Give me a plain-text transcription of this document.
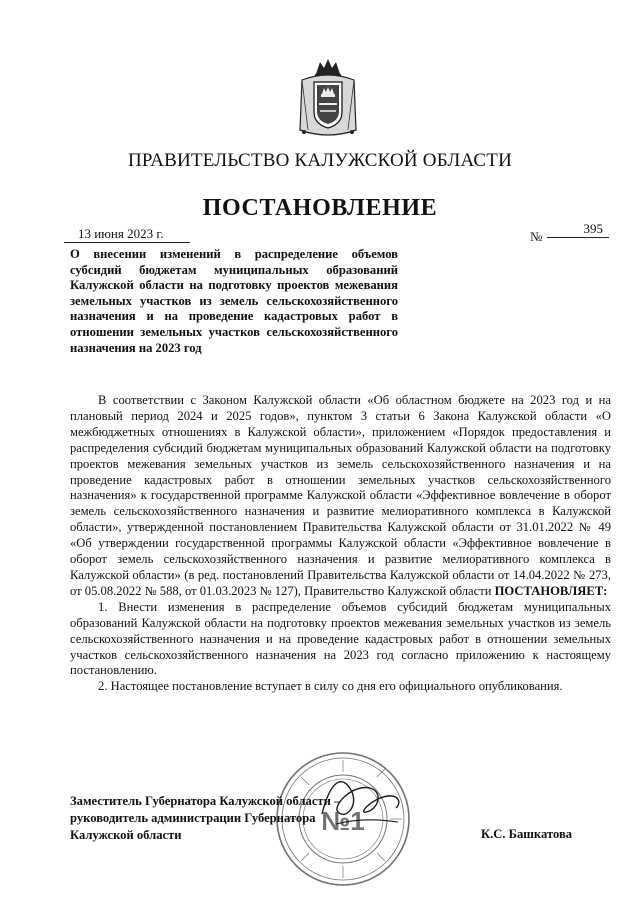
ПРАВИТЕЛЬСТВО КАЛУЖСКОЙ ОБЛАСТИ
ПОСТАНОВЛЕНИЕ
13 июня 2023 г.	№
395
О внесении изменений в распределение объемов субсидий бюджетам муниципальных образований Калужской области на подготовку проектов межевания земельных участков из земель сельскохозяйственного назначения и на проведение кадастровых работ в отношении земельных участков сельскохозяйственного назначения на 2023 год

В соответствии с Законом Калужской области «Об областном бюджете на 2023 год и на плановый период 2024 и 2025 годов», пунктом 3 статьи 6 Закона Калужской области «О межбюджетных отношениях в Калужской области», приложением «Порядок предоставления и распределения субсидий бюджетам муниципальных образований Калужской области на подготовку проектов межевания земельных участков из земель сельскохозяйственного назначения и на проведение кадастровых работ в отношении земельных участков сельскохозяйственного назначения» к государственной программе Калужской области «Эффективное вовлечение в оборот земель сельскохозяйственного назначения и развитие мелиоративного комплекса в Калужской области», утвержденной постановлением Правительства Калужской области от 31.01.2022 № 49 «Об утверждении государственной программы Калужской области «Эффективное вовлечение в оборот земель сельскохозяйственного назначения и развитие мелиоративного комплекса в Калужской области» (в ред. постановлений Правительства Калужской области от 14.04.2022 № 273, от 05.08.2022 № 588, от 01.03.2023 № 127), Правительство Калужской области ПОСТАНОВЛЯЕТ:

1. Внести изменения в распределение объемов субсидий бюджетам муниципальных образований Калужской области на подготовку проектов межевания земельных участков из земель сельскохозяйственного назначения и на проведение кадастровых работ в отношении земельных участков сельскохозяйственного назначения на 2023 год согласно приложению к настоящему постановлению.

2. Настоящее постановление вступает в силу со дня его официального опубликования.

№1
Заместитель Губернатора Калужской области –
руководитель администрации Губернатора
Калужской области	К.С. Башкатова
